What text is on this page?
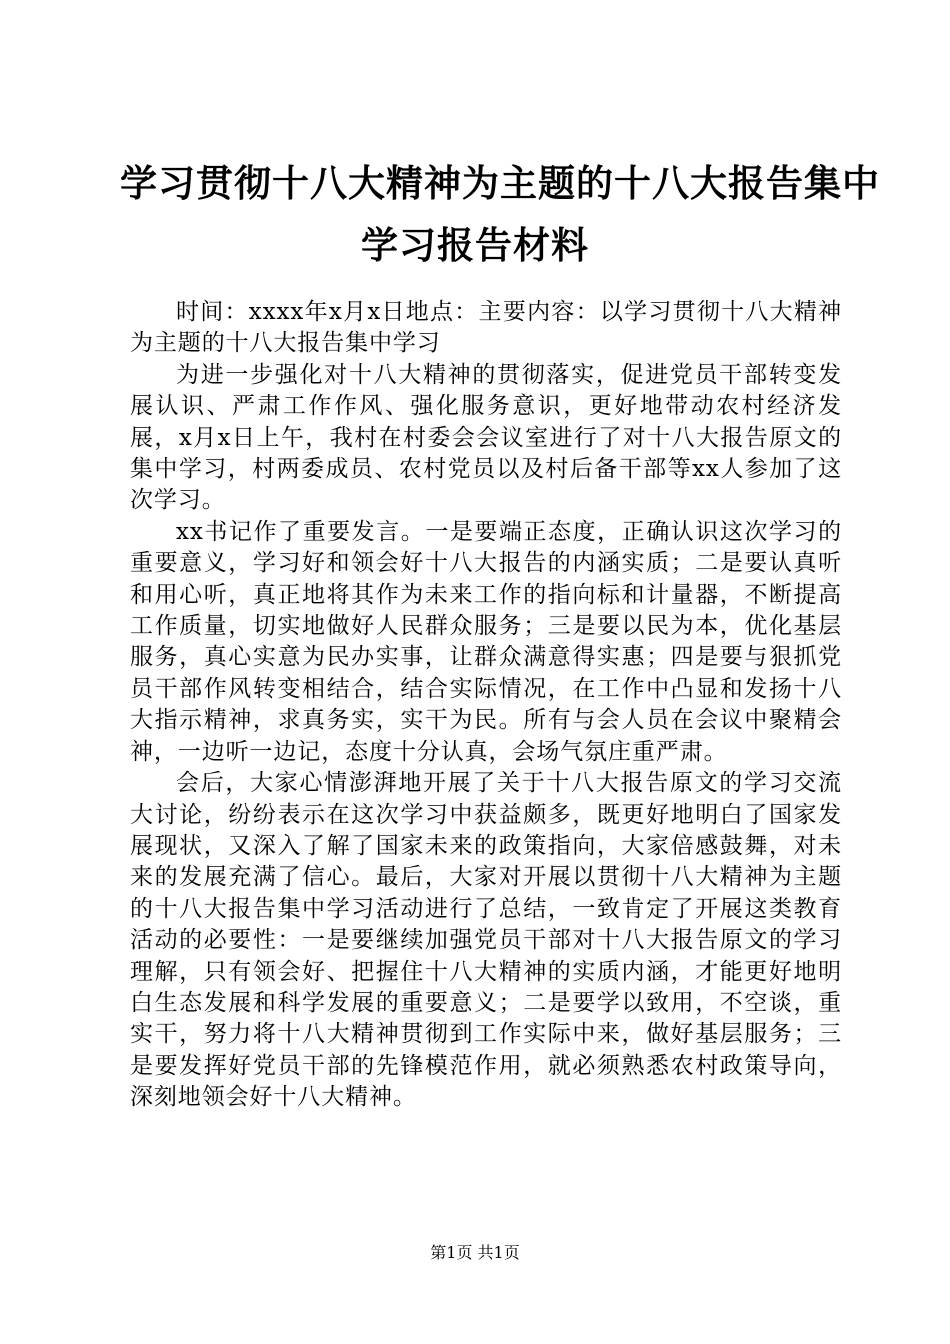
学习贯彻十八大精神为主题的十八大报告集中
学习报告材料

时间：xxxx年x月x日地点：主要内容：以学习贯彻十八大精神为主题的十八大报告集中学习

为进一步强化对十八大精神的贯彻落实，促进党员干部转变发展认识、严肃工作作风、强化服务意识，更好地带动农村经济发展，x月x日上午，我村在村委会会议室进行了对十八大报告原文的集中学习，村两委成员、农村党员以及村后备干部等xx人参加了这次学习。

xx书记作了重要发言。一是要端正态度，正确认识这次学习的重要意义，学习好和领会好十八大报告的内涵实质；二是要认真听和用心听，真正地将其作为未来工作的指向标和计量器，不断提高工作质量，切实地做好人民群众服务；三是要以民为本，优化基层服务，真心实意为民办实事，让群众满意得实惠；四是要与狠抓党员干部作风转变相结合，结合实际情况，在工作中凸显和发扬十八大指示精神，求真务实，实干为民。所有与会人员在会议中聚精会神，一边听一边记，态度十分认真，会场气氛庄重严肃。

会后，大家心情澎湃地开展了关于十八大报告原文的学习交流大讨论，纷纷表示在这次学习中获益颇多，既更好地明白了国家发展现状，又深入了解了国家未来的政策指向，大家倍感鼓舞，对未来的发展充满了信心。最后，大家对开展以贯彻十八大精神为主题的十八大报告集中学习活动进行了总结，一致肯定了开展这类教育活动的必要性：一是要继续加强党员干部对十八大报告原文的学习理解，只有领会好、把握住十八大精神的实质内涵，才能更好地明白生态发展和科学发展的重要意义；二是要学以致用，不空谈，重实干，努力将十八大精神贯彻到工作实际中来，做好基层服务；三是要发挥好党员干部的先锋模范作用，就必须熟悉农村政策导向，深刻地领会好十八大精神。

第1页 共1页
